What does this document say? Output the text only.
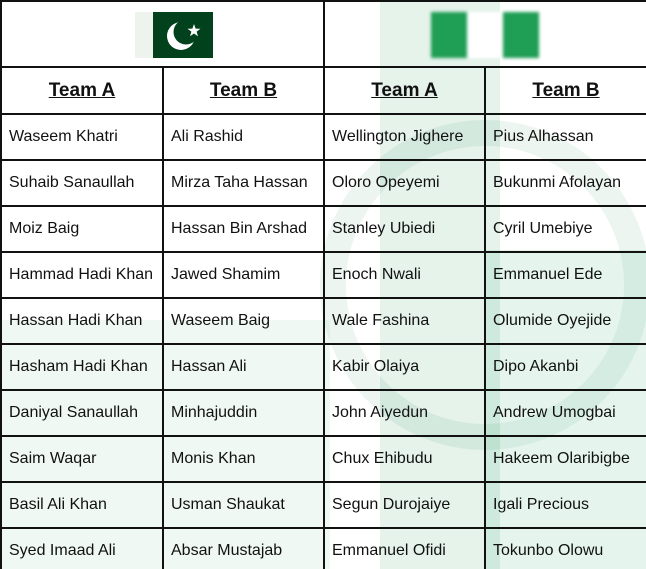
Team A	Team B	Team A	Team B
Waseem Khatri	Ali Rashid	Wellington Jighere	Pius Alhassan
Suhaib Sanaullah	Mirza Taha Hassan	Oloro Opeyemi	Bukunmi Afolayan
Moiz Baig	Hassan Bin Arshad	Stanley Ubiedi	Cyril Umebiye
Hammad Hadi Khan	Jawed Shamim	Enoch Nwali	Emmanuel Ede
Hassan Hadi Khan	Waseem Baig	Wale Fashina	Olumide Oyejide
Hasham Hadi Khan	Hassan Ali	Kabir Olaiya	Dipo Akanbi
Daniyal Sanaullah	Minhajuddin	John Aiyedun	Andrew Umogbai
Saim Waqar	Monis Khan	Chux Ehibudu	Hakeem Olaribigbe
Basil Ali Khan	Usman Shaukat	Segun Durojaiye	Igali Precious
Syed Imaad Ali	Absar Mustajab	Emmanuel Ofidi	Tokunbo Olowu
